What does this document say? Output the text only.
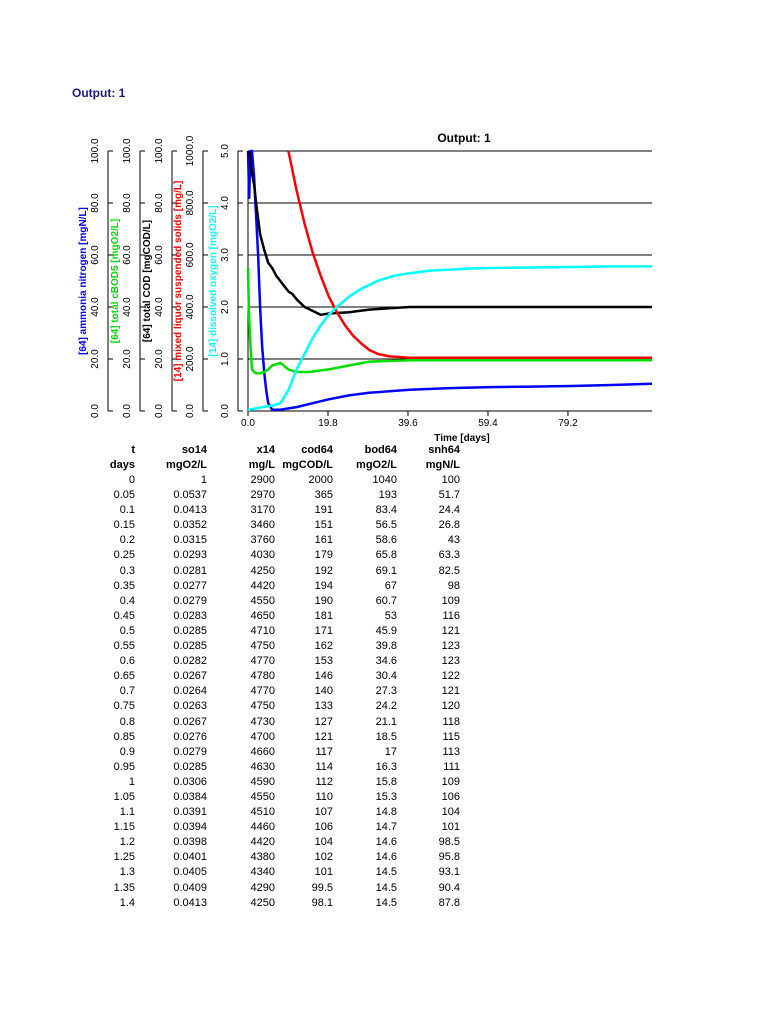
Output: 1
0.0
20.0
40.0
60.0
80.0
100.0
[64] ammonia nitrogen [mgN/L]
0.0
20.0
40.0
60.0
80.0
100.0
[64] total cBOD5 [mgO2/L]
0.0
20.0
40.0
60.0
80.0
100.0
[64] total COD [mgCOD/L]
0.0
200.0
400.0
600.0
800.0
1000.0
[14] mixed liquor suspended solids [mg/L]
0.0
1.0
2.0
3.0
4.0
5.0
[14] dissolved oxygen [mgO2/L]
0.0	19.8	39.6	59.4	79.2
Output: 1
Time [days]
t	so14	x14	cod64	bod64	snh64
days	mgO2/L	mg/L	mgCOD/L	mgO2/L	mgN/L
0	1	2900	2000	1040	100
0.05	0.0537	2970	365	193	51.7
0.1	0.0413	3170	191	83.4	24.4
0.15	0.0352	3460	151	56.5	26.8
0.2	0.0315	3760	161	58.6	43
0.25	0.0293	4030	179	65.8	63.3
0.3	0.0281	4250	192	69.1	82.5
0.35	0.0277	4420	194	67	98
0.4	0.0279	4550	190	60.7	109
0.45	0.0283	4650	181	53	116
0.5	0.0285	4710	171	45.9	121
0.55	0.0285	4750	162	39.8	123
0.6	0.0282	4770	153	34.6	123
0.65	0.0267	4780	146	30.4	122
0.7	0.0264	4770	140	27.3	121
0.75	0.0263	4750	133	24.2	120
0.8	0.0267	4730	127	21.1	118
0.85	0.0276	4700	121	18.5	115
0.9	0.0279	4660	117	17	113
0.95	0.0285	4630	114	16.3	111
1	0.0306	4590	112	15.8	109
1.05	0.0384	4550	110	15.3	106
1.1	0.0391	4510	107	14.8	104
1.15	0.0394	4460	106	14.7	101
1.2	0.0398	4420	104	14.6	98.5
1.25	0.0401	4380	102	14.6	95.8
1.3	0.0405	4340	101	14.5	93.1
1.35	0.0409	4290	99.5	14.5	90.4
1.4	0.0413	4250	98.1	14.5	87.8
